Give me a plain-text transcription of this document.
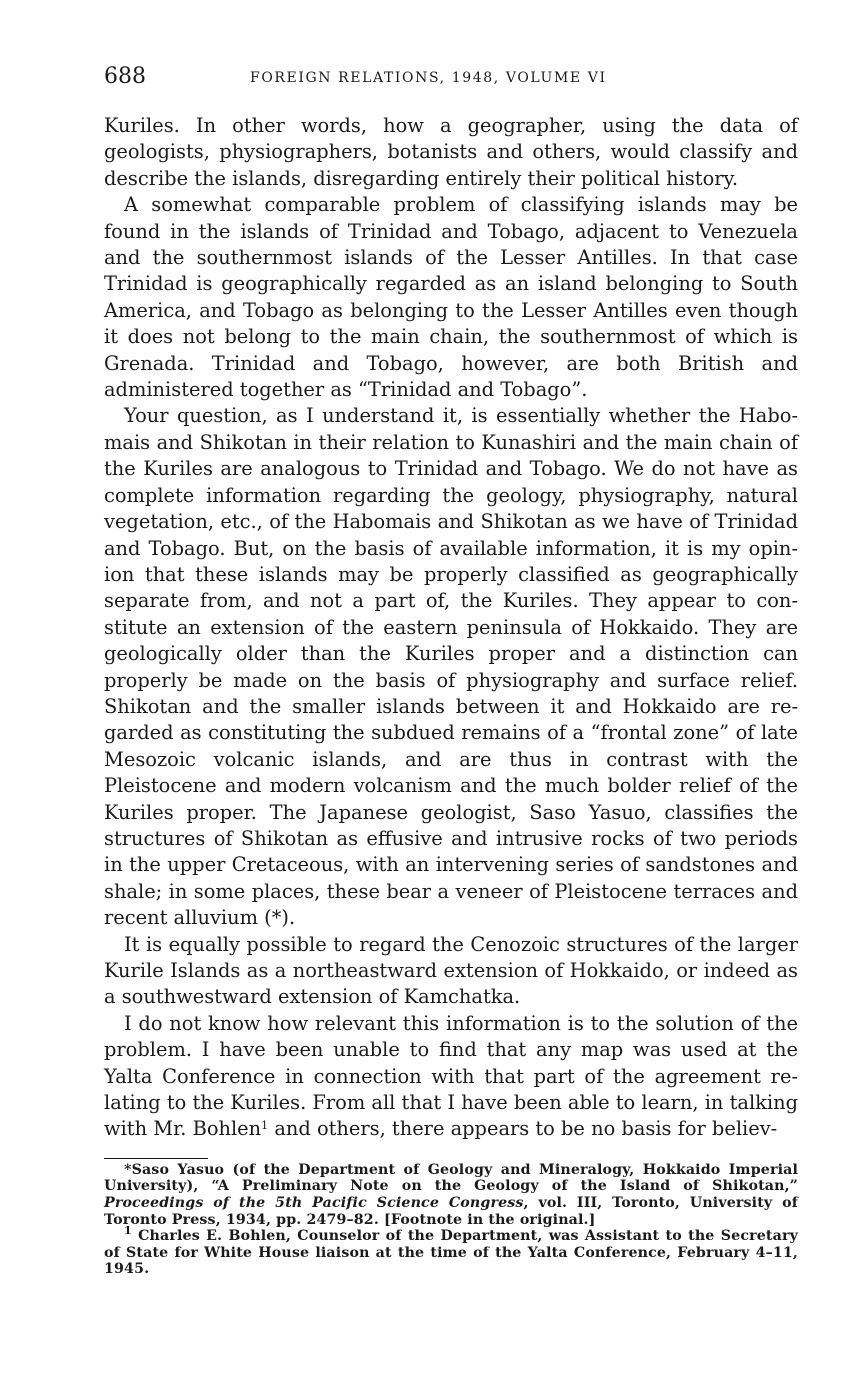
688	FOREIGN RELATIONS, 1948, VOLUME VI

Kuriles. In other words, how a geographer, using the data of geologists, physiographers, botanists and others, would classify and describe the islands, disregarding entirely their political history.

A somewhat comparable problem of classifying islands may be found in the islands of Trinidad and Tobago, adjacent to Venezuela and the southernmost islands of the Lesser Antilles. In that case Trinidad is geographically regarded as an island belonging to South America, and Tobago as belonging to the Lesser Antilles even though it does not belong to the main chain, the southernmost of which is Grenada. Trinidad and Tobago, however, are both British and administered together as “Trinidad and Tobago”.

Your question, as I understand it, is essentially whether the Habomais and Shikotan in their relation to Kunashiri and the main chain of the Kuriles are analogous to Trinidad and Tobago. We do not have as complete information regarding the geology, physiography, natural vegetation, etc., of the Habomais and Shikotan as we have of Trinidad and Tobago. But, on the basis of available information, it is my opinion that these islands may be properly classified as geographically separate from, and not a part of, the Kuriles. They appear to constitute an extension of the eastern peninsula of Hokkaido. They are geologically older than the Kuriles proper and a distinction can properly be made on the basis of physiography and surface relief. Shikotan and the smaller islands between it and Hokkaido are regarded as constituting the subdued remains of a “frontal zone” of late Mesozoic volcanic islands, and are thus in contrast with the Pleistocene and modern volcanism and the much bolder relief of the Kuriles proper. The Japanese geologist, Saso Yasuo, classifies the structures of Shikotan as effusive and intrusive rocks of two periods in the upper Cretaceous, with an intervening series of sandstones and shale; in some places, these bear a veneer of Pleistocene terraces and recent alluvium (*).

It is equally possible to regard the Cenozoic structures of the larger Kurile Islands as a northeastward extension of Hokkaido, or indeed as a southwestward extension of Kamchatka.

I do not know how relevant this information is to the solution of the problem. I have been unable to find that any map was used at the Yalta Conference in connection with that part of the agreement relating to the Kuriles. From all that I have been able to learn, in talking with Mr. Bohlen$^1$ and others, there appears to be no basis for believ-

*Saso Yasuo (of the Department of Geology and Mineralogy, Hokkaido Imperial University), “A Preliminary Note on the Geology of the Island of Shikotan,” Proceedings of the 5th Pacific Science Congress, vol. III, Toronto, University of Toronto Press, 1934, pp. 2479–82. [Footnote in the original.]

$^1$ Charles E. Bohlen, Counselor of the Department, was Assistant to the Secretary of State for White House liaison at the time of the Yalta Conference, February 4–11, 1945.
